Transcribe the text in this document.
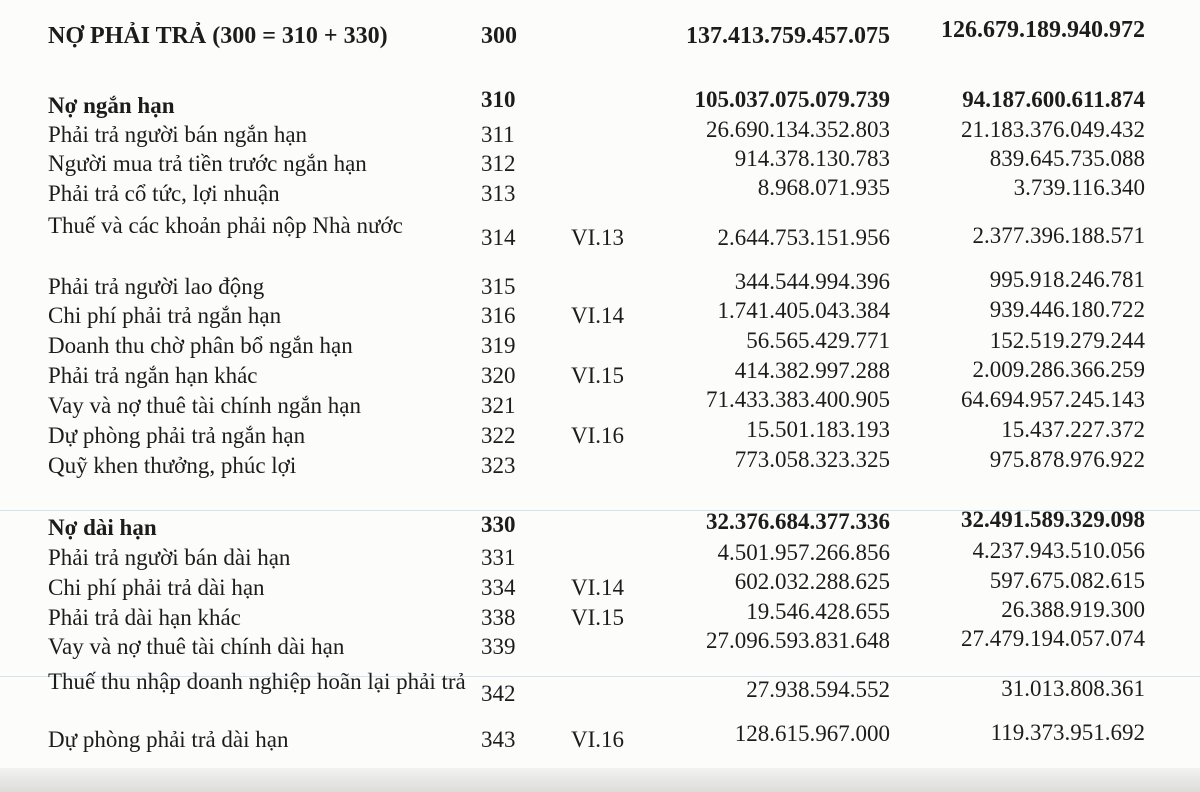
NỢ PHẢI TRẢ (300 = 310 + 330)	300	137.413.759.457.075 126.679.189.940.972
Nợ ngắn hạn	310	105.037.075.079.739	94.187.600.611.874
Phải trả người bán ngắn hạn	311	26.690.134.352.803	21.183.376.049.432
Người mua trả tiền trước ngắn hạn	312	914.378.130.783	839.645.735.088
Phải trả cổ tức, lợi nhuận	313	8.968.071.935	3.739.116.340
Thuế và các khoản phải nộp Nhà nước	314 VI.13	2.644.753.151.956	2.377.396.188.571
Phải trả người lao động	315	344.544.994.396	995.918.246.781
Chi phí phải trả ngắn hạn	316 VI.14	1.741.405.043.384	939.446.180.722
Doanh thu chờ phân bổ ngắn hạn	319	56.565.429.771	152.519.279.244
Phải trả ngắn hạn khác	320 VI.15	414.382.997.288	2.009.286.366.259
Vay và nợ thuê tài chính ngắn hạn	321	71.433.383.400.905	64.694.957.245.143
Dự phòng phải trả ngắn hạn	322 VI.16	15.501.183.193	15.437.227.372
Quỹ khen thưởng, phúc lợi	323	773.058.323.325	975.878.976.922
Nợ dài hạn	330	32.376.684.377.336	32.491.589.329.098
Phải trả người bán dài hạn	331	4.501.957.266.856	4.237.943.510.056
Chi phí phải trả dài hạn	334 VI.14	602.032.288.625	597.675.082.615
Phải trả dài hạn khác	338 VI.15	19.546.428.655	26.388.919.300
Vay và nợ thuê tài chính dài hạn	339	27.096.593.831.648	27.479.194.057.074
Thuế thu nhập doanh nghiệp hoãn lại phải trả 342	27.938.594.552	31.013.808.361
Dự phòng phải trả dài hạn	343 VI.16	128.615.967.000	119.373.951.692
